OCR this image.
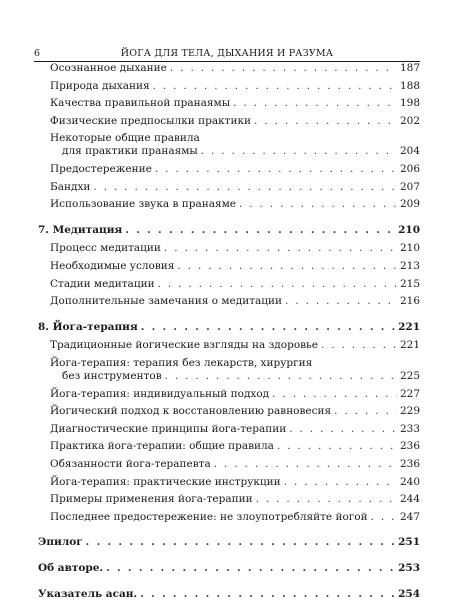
6	ЙОГА ДЛЯ ТЕЛА, ДЫХАНИЯ И РАЗУМА
Осознанное дыхание . . .	187
Природа дыхания . . .	188
Качества правильной пранаямы . . .	198
Физические предпосылки практики . . .	202
Некоторые общие правила
для практики пранаямы . . .	204
Предостережение . . .	206
Бандхи . . .	207
Использование звука в пранаяме . . .	209
7. Медитация . . .	210
Процесс медитации . . .	210
Необходимые условия . . .	213
Стадии медитации . . .	215
Дополнительные замечания о медитации . . .	216
8. Йога-терапия . . .	221
Традиционные йогические взгляды на здоровье . . .	221
Йога-терапия: терапия без лекарств, хирургия
без инструментов . . .	225
Йога-терапия: индивидуальный подход . . .	227
Йогический подход к восстановлению равновесия . . .	229
Диагностические принципы йога-терапии . . .	233
Практика йога-терапии: общие правила . . .	236
Обязанности йога-терапевта . . .	236
Йога-терапия: практические инструкции . . .	240
Примеры применения йога-терапии . . .	244
Последнее предостережение: не злоупотребляйте йогой . . .	247
Эпилог . . .	251
Об авторе. . . .	253
Указатель асан. . . .	254
